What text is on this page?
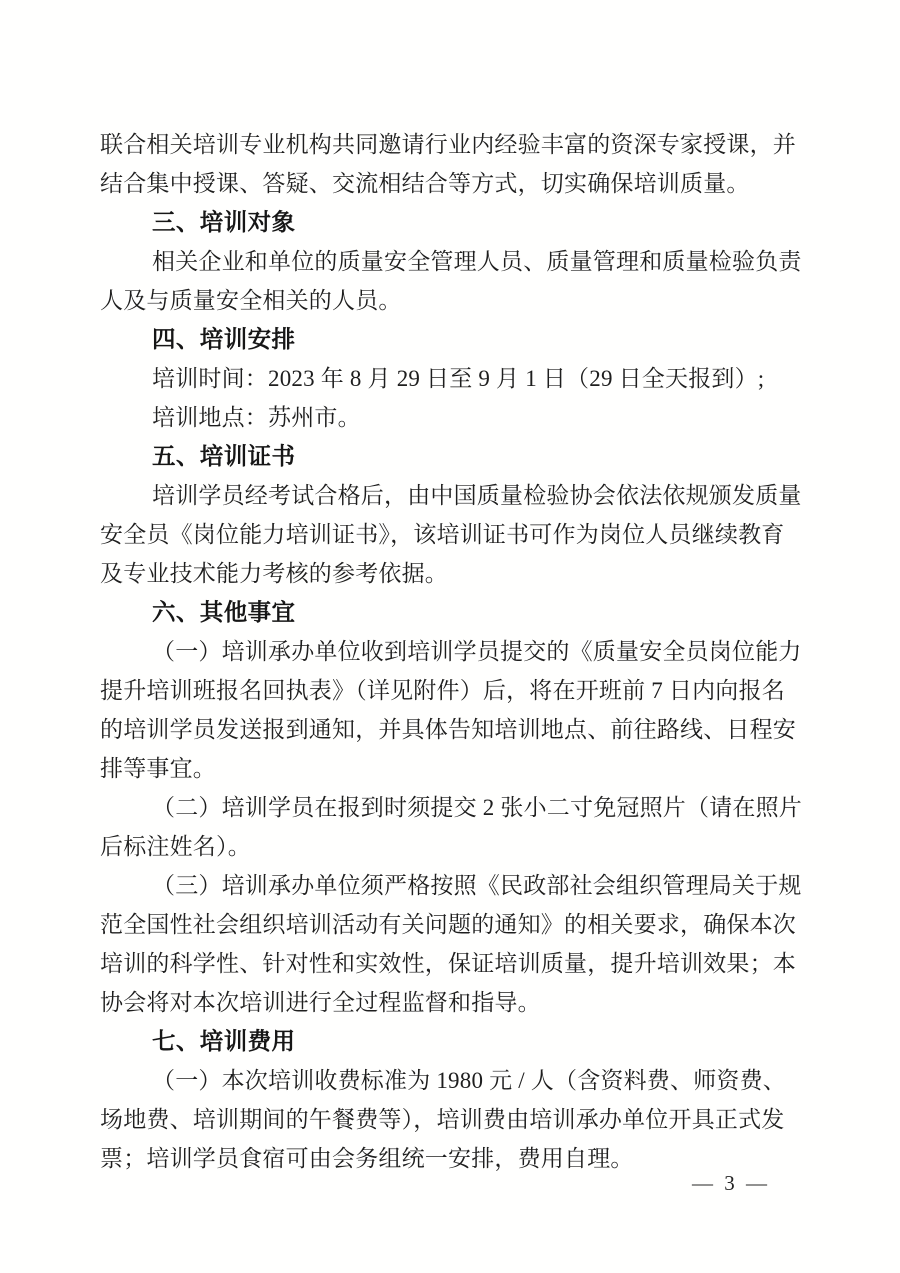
联合相关培训专业机构共同邀请行业内经验丰富的资深专家授课，并
结合集中授课、答疑、交流相结合等方式，切实确保培训质量。
三、培训对象
相关企业和单位的质量安全管理人员、质量管理和质量检验负责
人及与质量安全相关的人员。
四、培训安排
培训时间：2023 年 8 月 29 日至 9 月 1 日（29 日全天报到）;
培训地点：苏州市。
五、培训证书
培训学员经考试合格后，由中国质量检验协会依法依规颁发质量
安全员《岗位能力培训证书》，该培训证书可作为岗位人员继续教育
及专业技术能力考核的参考依据。
六、其他事宜
（一）培训承办单位收到培训学员提交的《质量安全员岗位能力
提升培训班报名回执表》（详见附件）后，将在开班前 7 日内向报名
的培训学员发送报到通知，并具体告知培训地点、前往路线、日程安
排等事宜。
（二）培训学员在报到时须提交 2 张小二寸免冠照片（请在照片
后标注姓名）。
（三）培训承办单位须严格按照《民政部社会组织管理局关于规
范全国性社会组织培训活动有关问题的通知》的相关要求，确保本次
培训的科学性、针对性和实效性，保证培训质量，提升培训效果；本
协会将对本次培训进行全过程监督和指导。
七、培训费用
（一）本次培训收费标准为 1980 元 / 人（含资料费、师资费、
场地费、培训期间的午餐费等），培训费由培训承办单位开具正式发
票；培训学员食宿可由会务组统一安排，费用自理。
— 3 —
